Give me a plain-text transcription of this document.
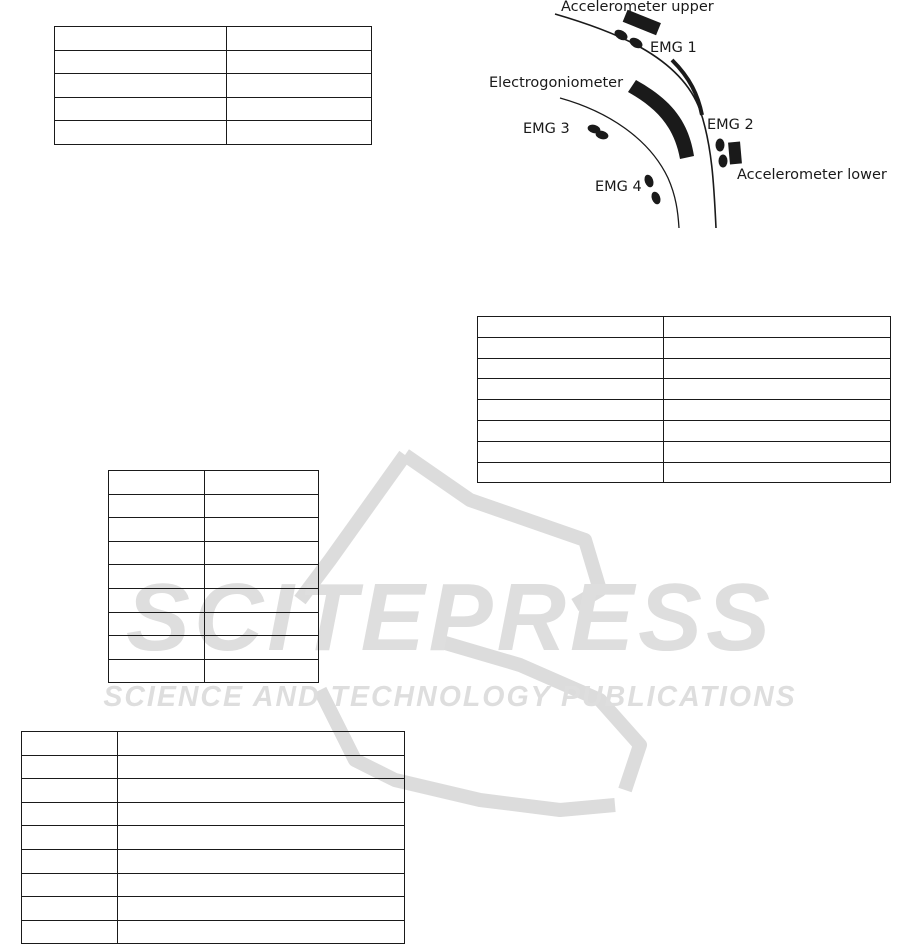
SCITEPRESS
SCIENCE AND TECHNOLOGY PUBLICATIONS

Accelerometer upper
EMG 1
Electrogoniometer
EMG 2
EMG 3
Accelerometer lower
EMG 4
